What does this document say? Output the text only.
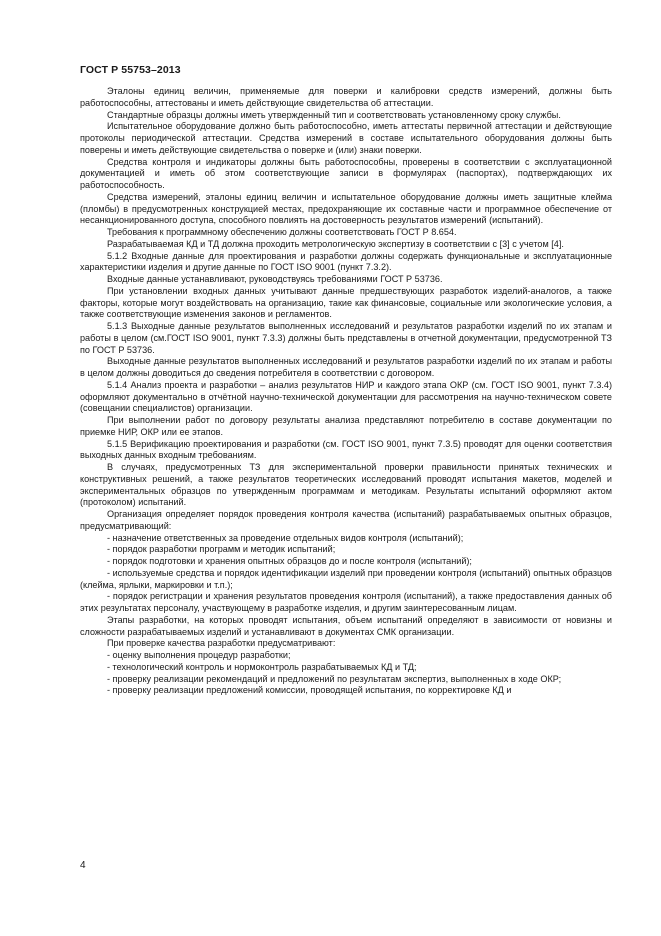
ГОСТ Р 55753–2013

Эталоны единиц величин, применяемые для поверки и калибровки средств измерений, должны быть работоспособны, аттестованы и иметь действующие свидетельства об аттестации.

Стандартные образцы должны иметь утвержденный тип и соответствовать установленному сроку службы.

Испытательное оборудование должно быть работоспособно, иметь аттестаты первичной аттестации и действующие протоколы периодической аттестации. Средства измерений в составе испытательного оборудования должны быть поверены и иметь действующие свидетельства о поверке и (или) знаки поверки.

Средства контроля и индикаторы должны быть работоспособны, проверены в соответствии с эксплуатационной документацией и иметь об этом соответствующие записи в формулярах (паспортах), подтверждающих их работоспособность.

Средства измерений, эталоны единиц величин и испытательное оборудование должны иметь защитные клейма (пломбы) в предусмотренных конструкцией местах, предохраняющие их составные части и программное обеспечение от несанкционированного доступа, способного повлиять на достоверность результатов измерений (испытаний).

Требования к программному обеспечению должны соответствовать ГОСТ Р 8.654.

Разрабатываемая КД и ТД должна проходить метрологическую экспертизу в соответствии с [3] с учетом [4].

5.1.2 Входные данные для проектирования и разработки должны содержать функциональные и эксплуатационные характеристики изделия и другие данные по ГОСТ ISO 9001 (пункт 7.3.2).

Входные данные устанавливают, руководствуясь требованиями ГОСТ Р 53736.

При установлении входных данных учитывают данные предшествующих разработок изделий-аналогов, а также факторы, которые могут воздействовать на организацию, такие как финансовые, социальные или экологические условия, а также соответствующие изменения законов и регламентов.

5.1.3 Выходные данные результатов выполненных исследований и результатов разработки изделий по их этапам и работы в целом (см.ГОСТ ISO 9001, пункт 7.3.3) должны быть представлены в отчетной документации, предусмотренной ТЗ по ГОСТ Р 53736.

Выходные данные результатов выполненных исследований и результатов разработки изделий по их этапам и работы в целом должны доводиться до сведения потребителя в соответствии с договором.

5.1.4 Анализ проекта и разработки – анализ результатов НИР и каждого этапа ОКР (см. ГОСТ ISO 9001, пункт 7.3.4) оформляют документально в отчётной научно-технической документации для рассмотрения на научно-техническом совете (совещании специалистов) организации.

При выполнении работ по договору результаты анализа представляют потребителю в составе документации по приемке НИР, ОКР или ее этапов.

5.1.5 Верификацию проектирования и разработки (см. ГОСТ ISO 9001, пункт 7.3.5) проводят для оценки соответствия выходных данных входным требованиям.

В случаях, предусмотренных ТЗ для экспериментальной проверки правильности принятых технических и конструктивных решений, а также результатов теоретических исследований проводят испытания макетов, моделей и экспериментальных образцов по утвержденным программам и методикам. Результаты испытаний оформляют актом (протоколом) испытаний.

Организация определяет порядок проведения контроля качества (испытаний) разрабатываемых опытных образцов, предусматривающий:

- назначение ответственных за проведение отдельных видов контроля (испытаний);

- порядок разработки программ и методик испытаний;

- порядок подготовки и хранения опытных образцов до и после контроля (испытаний);

- используемые средства и порядок идентификации изделий при проведении контроля (испытаний) опытных образцов (клейма, ярлыки, маркировки и т.п.);

- порядок регистрации и хранения результатов проведения контроля (испытаний), а также предоставления данных об этих результатах персоналу, участвующему в разработке изделия, и другим заинтересованным лицам.

Этапы разработки, на которых проводят испытания, объем испытаний определяют в зависимости от новизны и сложности разрабатываемых изделий и устанавливают в документах СМК организации.

При проверке качества разработки предусматривают:

- оценку выполнения процедур разработки;

- технологический контроль и нормоконтроль разрабатываемых КД и ТД;

- проверку реализации рекомендаций и предложений по результатам экспертиз, выполненных в ходе ОКР;

- проверку реализации предложений комиссии, проводящей испытания, по корректировке КД и

4
